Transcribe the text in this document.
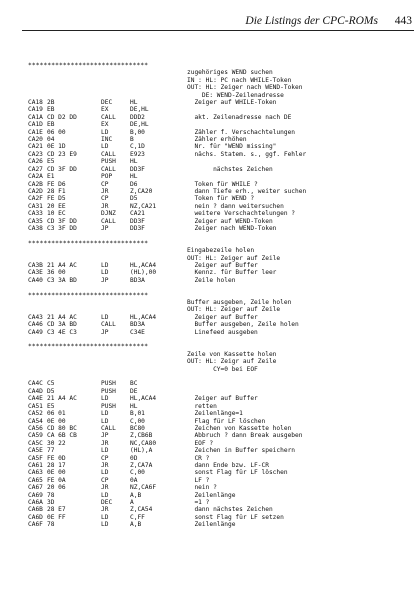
Die Listings der CPC-ROMs 443
*******************************
zugehöriges WEND suchen
IN : HL: PC nach WHILE-Token
OUT: HL: Zeiger nach WEND-Token
DE: WEND-Zeilenadresse
CA18 2B	DEC	HL	Zeiger auf WHILE-Token
CA19 EB	EX	DE,HL
CA1A CD D2 DD	CALL DDD2	akt. Zeilenadresse nach DE
CA1D EB	EX	DE,HL
CA1E 06 00	LD	B,00	Zähler f. Verschachtelungen
CA20 04	INC	B	Zähler erhöhen
CA21 0E 1D	LD	C,1D	Nr. für "WEND missing"
CA23 CD 23 E9	CALL E923	nächs. Statem. s., ggf. Fehler
CA26 E5	PUSH HL
CA27 CD 3F DD	CALL DD3F	nächstes Zeichen
CA2A E1	POP	HL
CA2B FE D6	CP	D6	Token für WHILE ?
CA2D 28 F1	JR	Z,CA20	dann Tiefe erh., weiter suchen
CA2F FE D5	CP	D5	Token für WEND ?
CA31 20 EE	JR	NZ,CA21	nein ? dann weitersuchen
CA33 10 EC	DJNZ CA21	weitere Verschachtelungen ?
CA35 CD 3F DD	CALL DD3F	Zeiger auf WEND-Token
CA38 C3 3F DD	JP	DD3F	Zeiger nach WEND-Token
*******************************
Eingabezeile holen
OUT: HL: Zeiger auf Zeile
CA3B 21 A4 AC	LD	HL,ACA4	Zeiger auf Buffer
CA3E 36 00	LD	(HL),00	Kennz. für Buffer leer
CA40 C3 3A BD	JP	BD3A	Zeile holen
*******************************
Buffer ausgeben, Zeile holen
OUT: HL: Zeiger auf Zeile
CA43 21 A4 AC	LD	HL,ACA4	Zeiger auf Buffer
CA46 CD 3A BD	CALL BD3A	Buffer ausgeben, Zeile holen
CA49 C3 4E C3	JP	C34E	Linefeed ausgeben
*******************************
Zeile von Kassette holen
OUT: HL: Zeigr auf Zeile
CY=0 bei EOF
CA4C C5	PUSH BC
CA4D D5	PUSH DE
CA4E 21 A4 AC	LD	HL,ACA4	Zeiger auf Buffer
CA51 E5	PUSH HL	retten
CA52 06 01	LD	B,01	Zeilenlänge=1
CA54 0E 00	LD	C,00	Flag für LF löschen
CA56 CD 80 BC	CALL BC80	Zeichen von Kassette holen
CA59 CA 6B CB	JP	Z,CB6B	Abbruch ? dann Break ausgeben
CA5C 30 22	JR	NC,CA80	EOF ?
CA5E 77	LD	(HL),A	Zeichen in Buffer speichern
CA5F FE 0D	CP	0D	CR ?
CA61 28 17	JR	Z,CA7A	dann Ende bzw. LF-CR
CA63 0E 00	LD	C,00	sonst Flag für LF löschen
CA65 FE 0A	CP	0A	LF ?
CA67 20 06	JR	NZ,CA6F	nein ?
CA69 78	LD	A,B	Zeilenlänge
CA6A 3D	DEC	A	=1 ?
CA6B 28 E7	JR	Z,CA54	dann nächstes Zeichen
CA6D 0E FF	LD	C,FF	sonst Flag für LF setzen
CA6F 78	LD	A,B	Zeilenlänge
